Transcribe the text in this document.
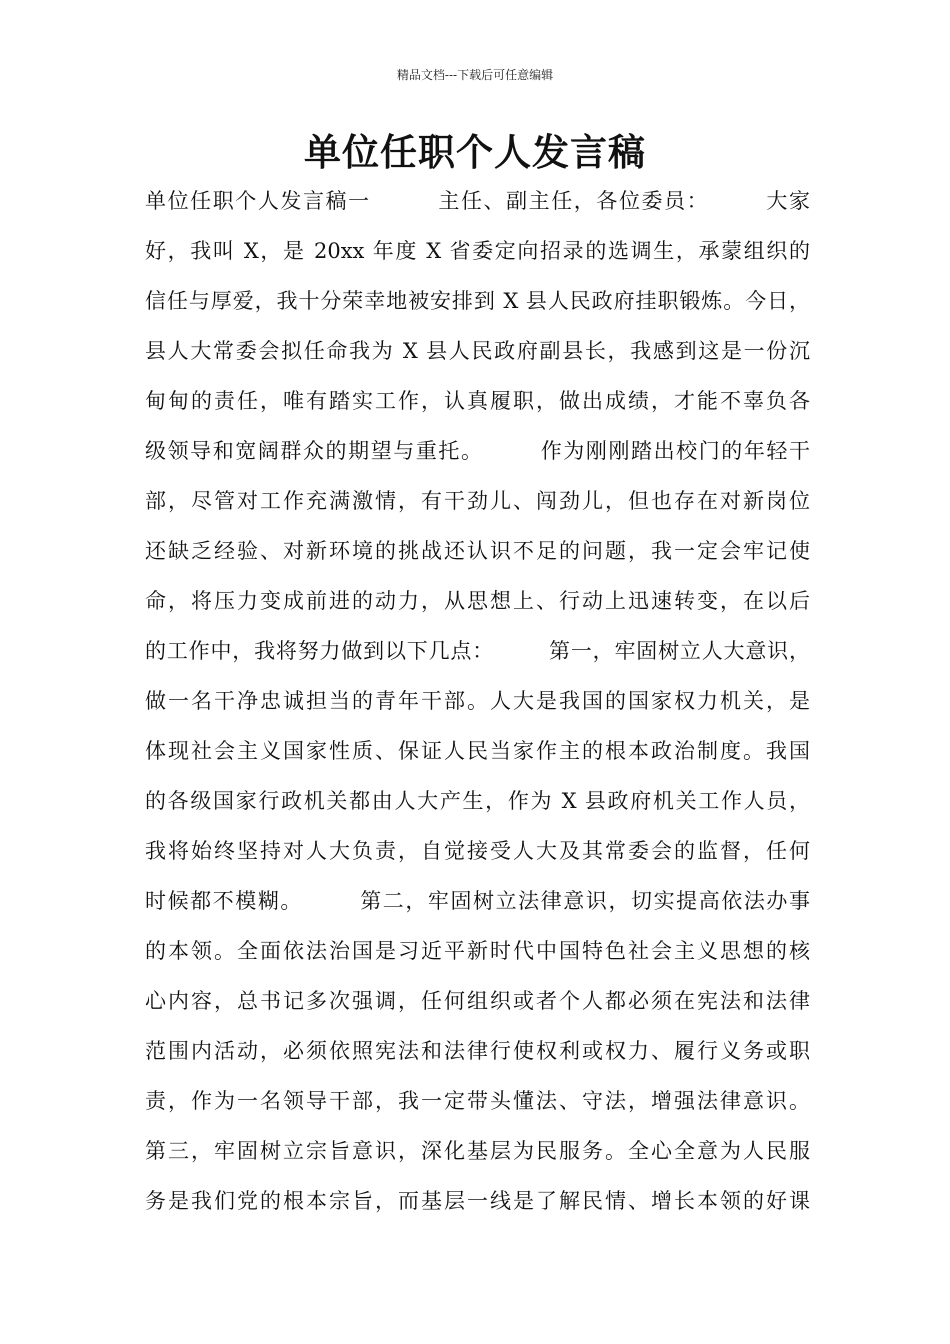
精品文档---下载后可任意编辑
单位任职个人发言稿
单位任职个人发言稿一　　　主任、副主任，各位委员：　　　大家
好，我叫 X，是 20xx 年度 X 省委定向招录的选调生，承蒙组织的
信任与厚爱，我十分荣幸地被安排到 X 县人民政府挂职锻炼。今日，
县人大常委会拟任命我为 X 县人民政府副县长，我感到这是一份沉
甸甸的责任，唯有踏实工作，认真履职，做出成绩，才能不辜负各
级领导和宽阔群众的期望与重托。　　　作为刚刚踏出校门的年轻干
部，尽管对工作充满激情，有干劲儿、闯劲儿，但也存在对新岗位
还缺乏经验、对新环境的挑战还认识不足的问题，我一定会牢记使
命，将压力变成前进的动力，从思想上、行动上迅速转变，在以后
的工作中，我将努力做到以下几点：　　　第一，牢固树立人大意识，
做一名干净忠诚担当的青年干部。人大是我国的国家权力机关，是
体现社会主义国家性质、保证人民当家作主的根本政治制度。我国
的各级国家行政机关都由人大产生，作为 X 县政府机关工作人员，
我将始终坚持对人大负责，自觉接受人大及其常委会的监督，任何
时候都不模糊。　　　第二，牢固树立法律意识，切实提高依法办事
的本领。全面依法治国是习近平新时代中国特色社会主义思想的核
心内容，总书记多次强调，任何组织或者个人都必须在宪法和法律
范围内活动，必须依照宪法和法律行使权利或权力、履行义务或职
责，作为一名领导干部，我一定带头懂法、守法，增强法律意识。
第三，牢固树立宗旨意识，深化基层为民服务。全心全意为人民服
务是我们党的根本宗旨，而基层一线是了解民情、增长本领的好课
